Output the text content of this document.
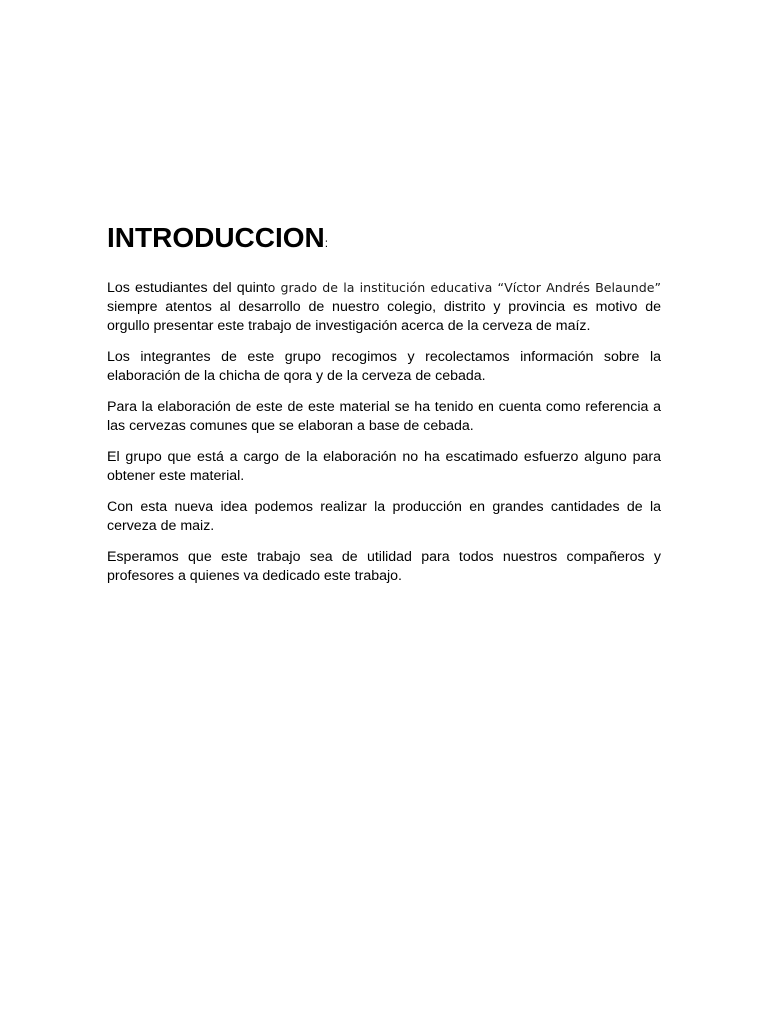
INTRODUCCION:

Los estudiantes del quinto grado de la institución educativa “Víctor Andrés Belaunde” siempre atentos al desarrollo de nuestro colegio, distrito y provincia es motivo de orgullo presentar este trabajo de investigación acerca de la cerveza de maíz.

Los integrantes de este grupo recogimos y recolectamos información sobre la elaboración de la chicha de qora y de la cerveza de cebada.

Para la elaboración de este de este material se ha tenido en cuenta como referencia a las cervezas comunes que se elaboran a base de cebada.

El grupo que está a cargo de la elaboración no ha escatimado esfuerzo alguno para obtener este material.

Con esta nueva idea podemos realizar la producción en grandes cantidades de la cerveza de maiz.

Esperamos que este trabajo sea de utilidad para todos nuestros compañeros y profesores a quienes va dedicado este trabajo.
